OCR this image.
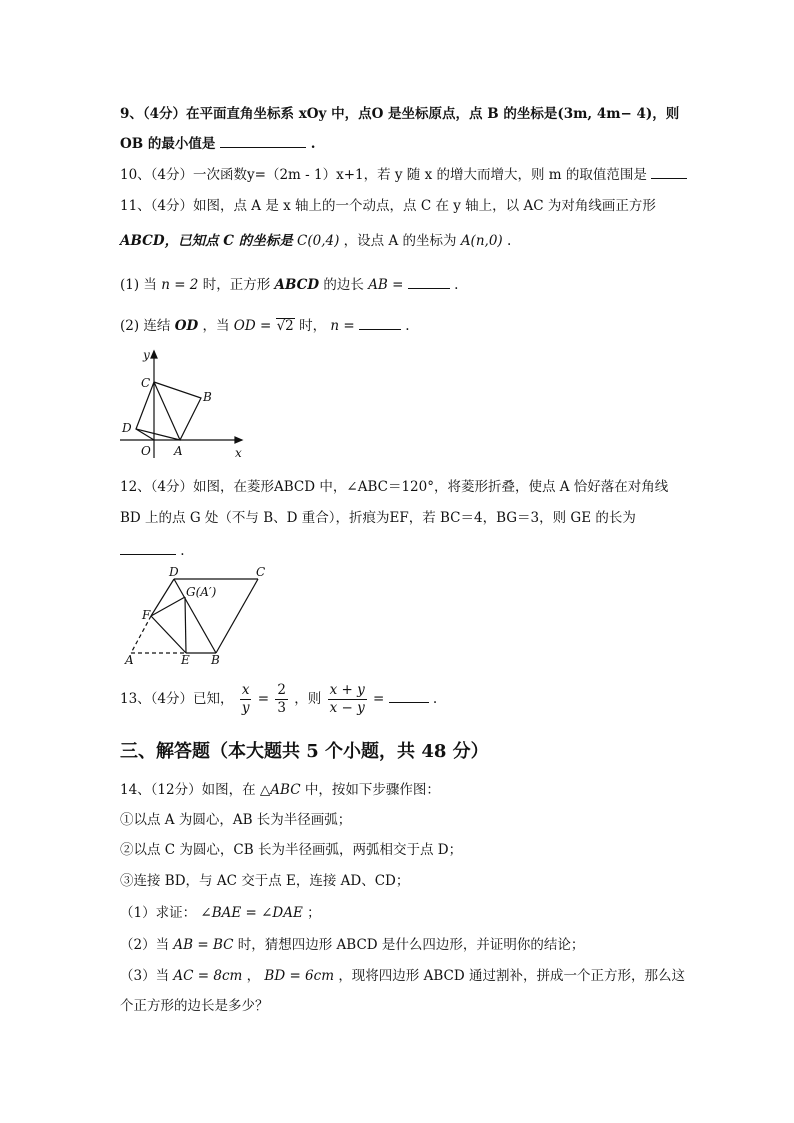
9、（4分）在平面直角坐标系 xOy 中，点O 是坐标原点，点 B 的坐标是(3m, 4m− 4)，则
OB 的最小值是	.
10、（4分）一次函数y=（2m - 1）x+1，若 y 随 x 的增大而增大，则 m 的取值范围是
11、（4分）如图，点 A 是 x 轴上的一个动点，点 C 在 y 轴上，以 AC 为对角线画正方形
ABCD，已知点 C 的坐标是 C(0,4) ，设点 A 的坐标为 A(n,0) .
(1) 当 n = 2 时，正方形 ABCD 的边长 AB =	.
(2) 连结 OD ，当 OD = √2 时， n =	.
y
C
B
D
O A	x
12、（4分）如图，在菱形ABCD 中，∠ABC＝120°，将菱形折叠，使点 A 恰好落在对角线
BD 上的点 G 处（不与 B、D 重合），折痕为EF，若 BC＝4，BG＝3，则 GE 的长为
.
D	C
G(A′)
F
A	E B
13、（4分）已知， $\frac{x}{y} = \frac{2}{3}$ ，则 $\frac{x + y}{x - y}$ =	.
三、解答题（本大题共 5 个小题，共 48 分）
14、（12分）如图，在 △ABC 中，按如下步骤作图：
①以点 A 为圆心，AB 长为半径画弧；
②以点 C 为圆心，CB 长为半径画弧，两弧相交于点 D；
③连接 BD，与 AC 交于点 E，连接 AD、CD；
（1）求证： ∠BAE = ∠DAE ；
（2）当 AB = BC 时，猜想四边形 ABCD 是什么四边形，并证明你的结论；
（3）当 AC = 8cm ， BD = 6cm ，现将四边形 ABCD 通过割补，拼成一个正方形，那么这
个正方形的边长是多少？
